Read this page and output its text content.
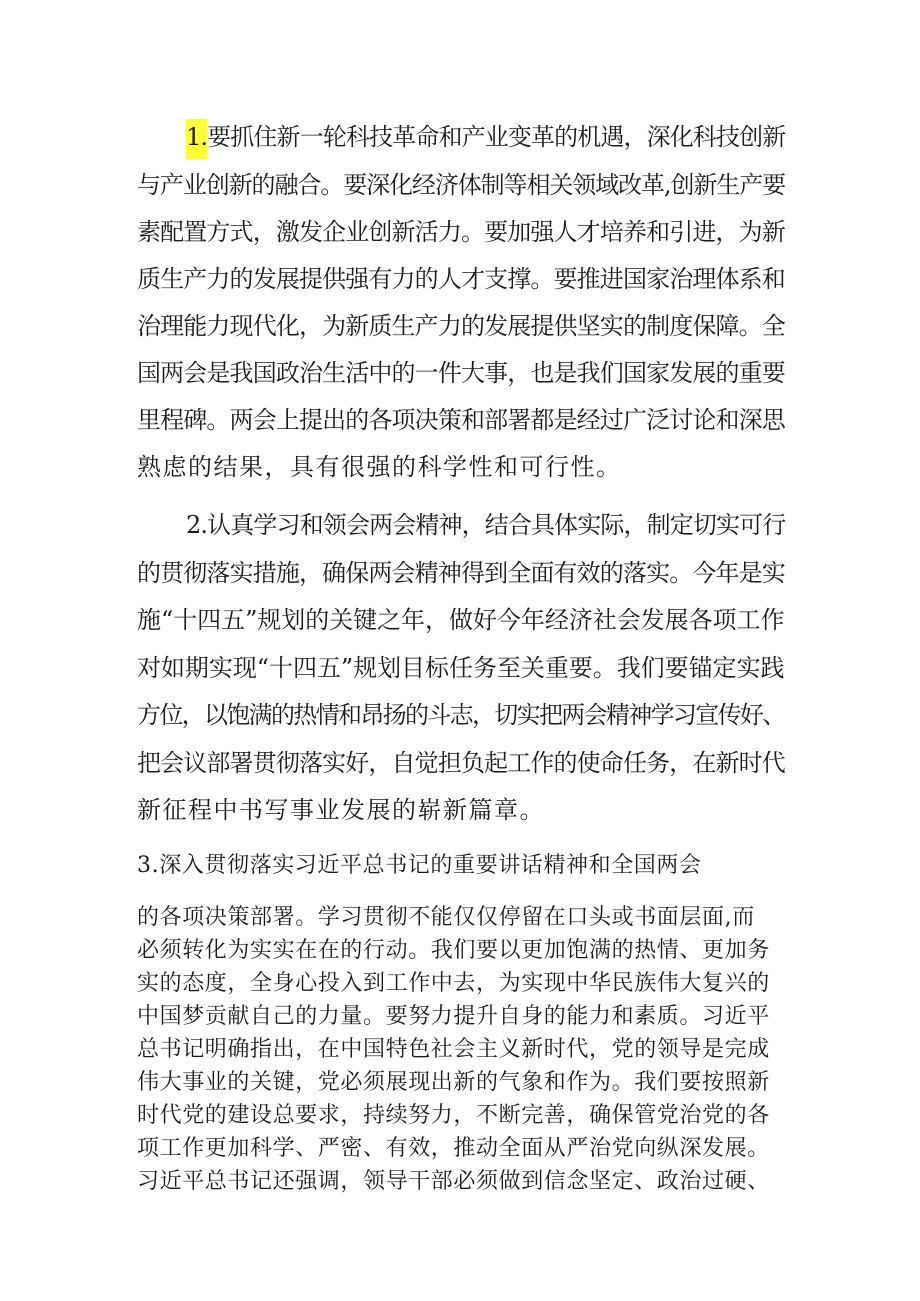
1.要抓住新一轮科技革命和产业变革的机遇，深化科技创新

与产业创新的融合。要深化经济体制等相关领域改革,创新生产要

素配置方式，激发企业创新活力。要加强人才培养和引进，为新

质生产力的发展提供强有力的人才支撑。要推进国家治理体系和

治理能力现代化，为新质生产力的发展提供坚实的制度保障。全

国两会是我国政治生活中的一件大事，也是我们国家发展的重要

里程碑。两会上提出的各项决策和部署都是经过广泛讨论和深思

熟虑的结果，具有很强的科学性和可行性。

2.认真学习和领会两会精神，结合具体实际，制定切实可行

的贯彻落实措施，确保两会精神得到全面有效的落实。今年是实

施“十四五”规划的关键之年，做好今年经济社会发展各项工作

对如期实现“十四五”规划目标任务至关重要。我们要锚定实践

方位，以饱满的热情和昂扬的斗志，切实把两会精神学习宣传好、

把会议部署贯彻落实好，自觉担负起工作的使命任务，在新时代

新征程中书写事业发展的崭新篇章。

3.深入贯彻落实习近平总书记的重要讲话精神和全国两会

的各项决策部署。学习贯彻不能仅仅停留在口头或书面层面,而

必须转化为实实在在的行动。我们要以更加饱满的热情、更加务

实的态度，全身心投入到工作中去，为实现中华民族伟大复兴的

中国梦贡献自己的力量。要努力提升自身的能力和素质。习近平

总书记明确指出，在中国特色社会主义新时代，党的领导是完成

伟大事业的关键，党必须展现出新的气象和作为。我们要按照新

时代党的建设总要求，持续努力，不断完善，确保管党治党的各

项工作更加科学、严密、有效，推动全面从严治党向纵深发展。

习近平总书记还强调，领导干部必须做到信念坚定、政治过硬、
